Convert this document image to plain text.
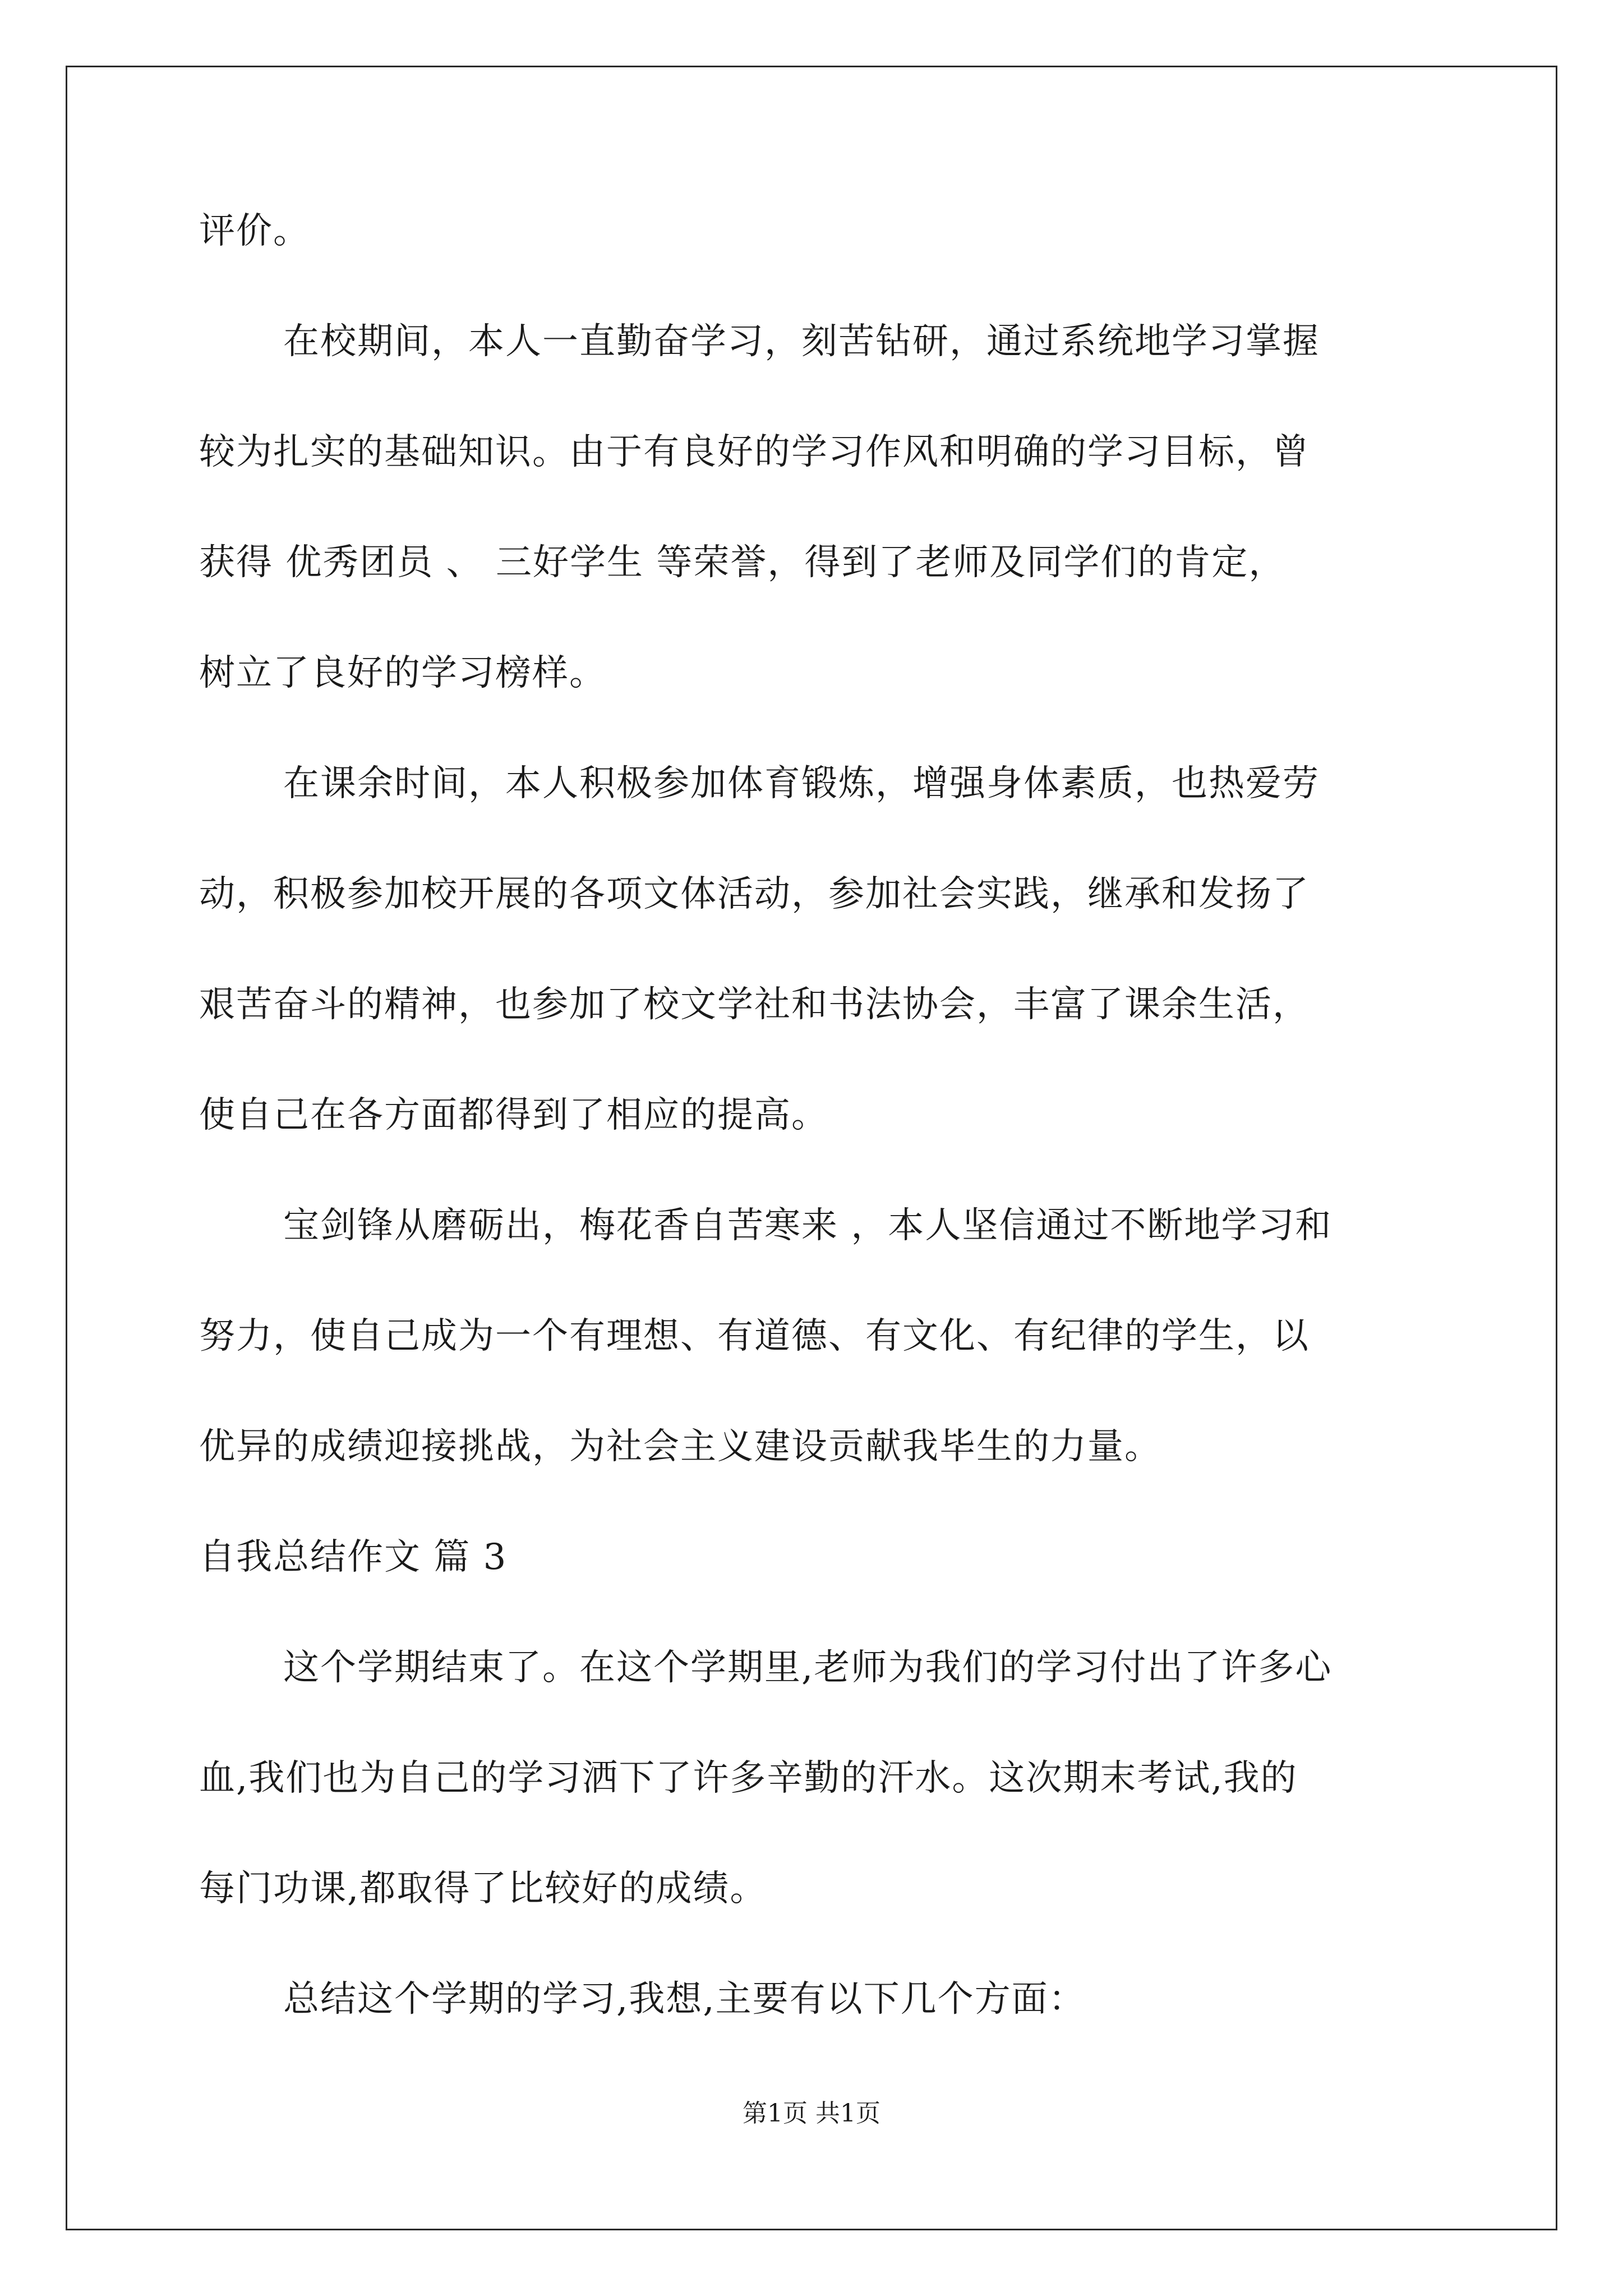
评价。

在校期间，本人一直勤奋学习，刻苦钻研，通过系统地学习掌握

较为扎实的基础知识。由于有良好的学习作风和明确的学习目标，曾

获得 优秀团员 、 三好学生 等荣誉，得到了老师及同学们的肯定，

树立了良好的学习榜样。

在课余时间，本人积极参加体育锻炼，增强身体素质，也热爱劳

动，积极参加校开展的各项文体活动，参加社会实践，继承和发扬了

艰苦奋斗的精神，也参加了校文学社和书法协会，丰富了课余生活，

使自己在各方面都得到了相应的提高。

宝剑锋从磨砺出，梅花香自苦寒来 ，本人坚信通过不断地学习和

努力，使自己成为一个有理想、有道德、有文化、有纪律的学生，以

优异的成绩迎接挑战，为社会主义建设贡献我毕生的力量。

自我总结作文 篇 3

这个学期结束了。在这个学期里,老师为我们的学习付出了许多心

血,我们也为自己的学习洒下了许多辛勤的汗水。这次期末考试,我的

每门功课,都取得了比较好的成绩。

总结这个学期的学习,我想,主要有以下几个方面：

第1页 共1页
